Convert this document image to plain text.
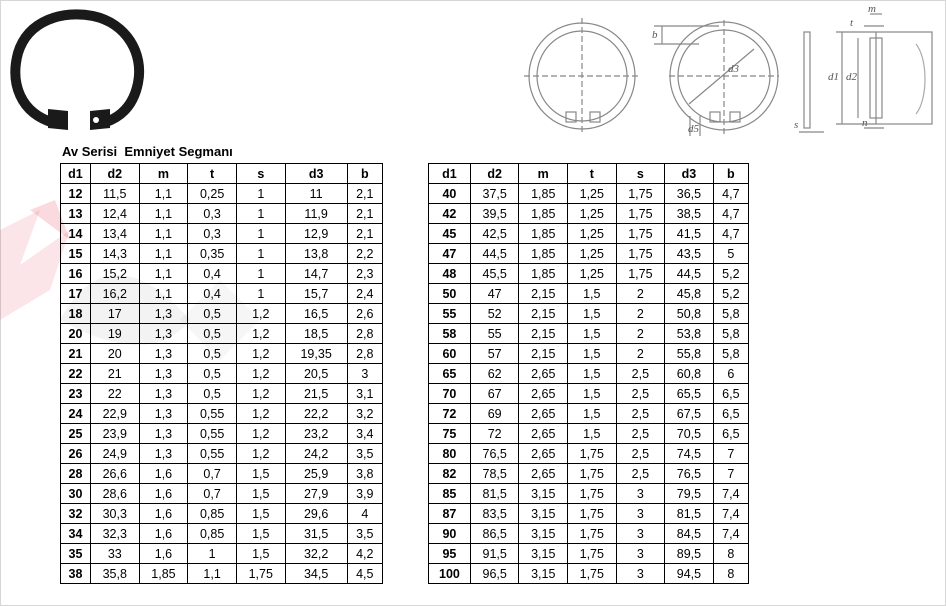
b
d3
d5
t
m
d1 d2
s	n
Av Serisi  Emniyet Segmanı
d1	d2	m	t	s	d3	b
12	11,5	1,1	0,25	1	11	2,1
13	12,4	1,1	0,3	1	11,9	2,1
14	13,4	1,1	0,3	1	12,9	2,1
15	14,3	1,1	0,35	1	13,8	2,2
16	15,2	1,1	0,4	1	14,7	2,3
17	16,2	1,1	0,4	1	15,7	2,4
18	17	1,3	0,5	1,2	16,5	2,6
20	19	1,3	0,5	1,2	18,5	2,8
21	20	1,3	0,5	1,2	19,35	2,8
22	21	1,3	0,5	1,2	20,5	3
23	22	1,3	0,5	1,2	21,5	3,1
24	22,9	1,3	0,55	1,2	22,2	3,2
25	23,9	1,3	0,55	1,2	23,2	3,4
26	24,9	1,3	0,55	1,2	24,2	3,5
28	26,6	1,6	0,7	1,5	25,9	3,8
30	28,6	1,6	0,7	1,5	27,9	3,9
32	30,3	1,6	0,85	1,5	29,6	4
34	32,3	1,6	0,85	1,5	31,5	3,5
35	33	1,6	1	1,5	32,2	4,2
38	35,8	1,85	1,1	1,75	34,5	4,5
d1	d2	m	t	s	d3	b
40	37,5	1,85	1,25	1,75	36,5	4,7
42	39,5	1,85	1,25	1,75	38,5	4,7
45	42,5	1,85	1,25	1,75	41,5	4,7
47	44,5	1,85	1,25	1,75	43,5	5
48	45,5	1,85	1,25	1,75	44,5	5,2
50	47	2,15	1,5	2	45,8	5,2
55	52	2,15	1,5	2	50,8	5,8
58	55	2,15	1,5	2	53,8	5,8
60	57	2,15	1,5	2	55,8	5,8
65	62	2,65	1,5	2,5	60,8	6
70	67	2,65	1,5	2,5	65,5	6,5
72	69	2,65	1,5	2,5	67,5	6,5
75	72	2,65	1,5	2,5	70,5	6,5
80	76,5	2,65	1,75	2,5	74,5	7
82	78,5	2,65	1,75	2,5	76,5	7
85	81,5	3,15	1,75	3	79,5	7,4
87	83,5	3,15	1,75	3	81,5	7,4
90	86,5	3,15	1,75	3	84,5	7,4
95	91,5	3,15	1,75	3	89,5	8
100	96,5	3,15	1,75	3	94,5	8
